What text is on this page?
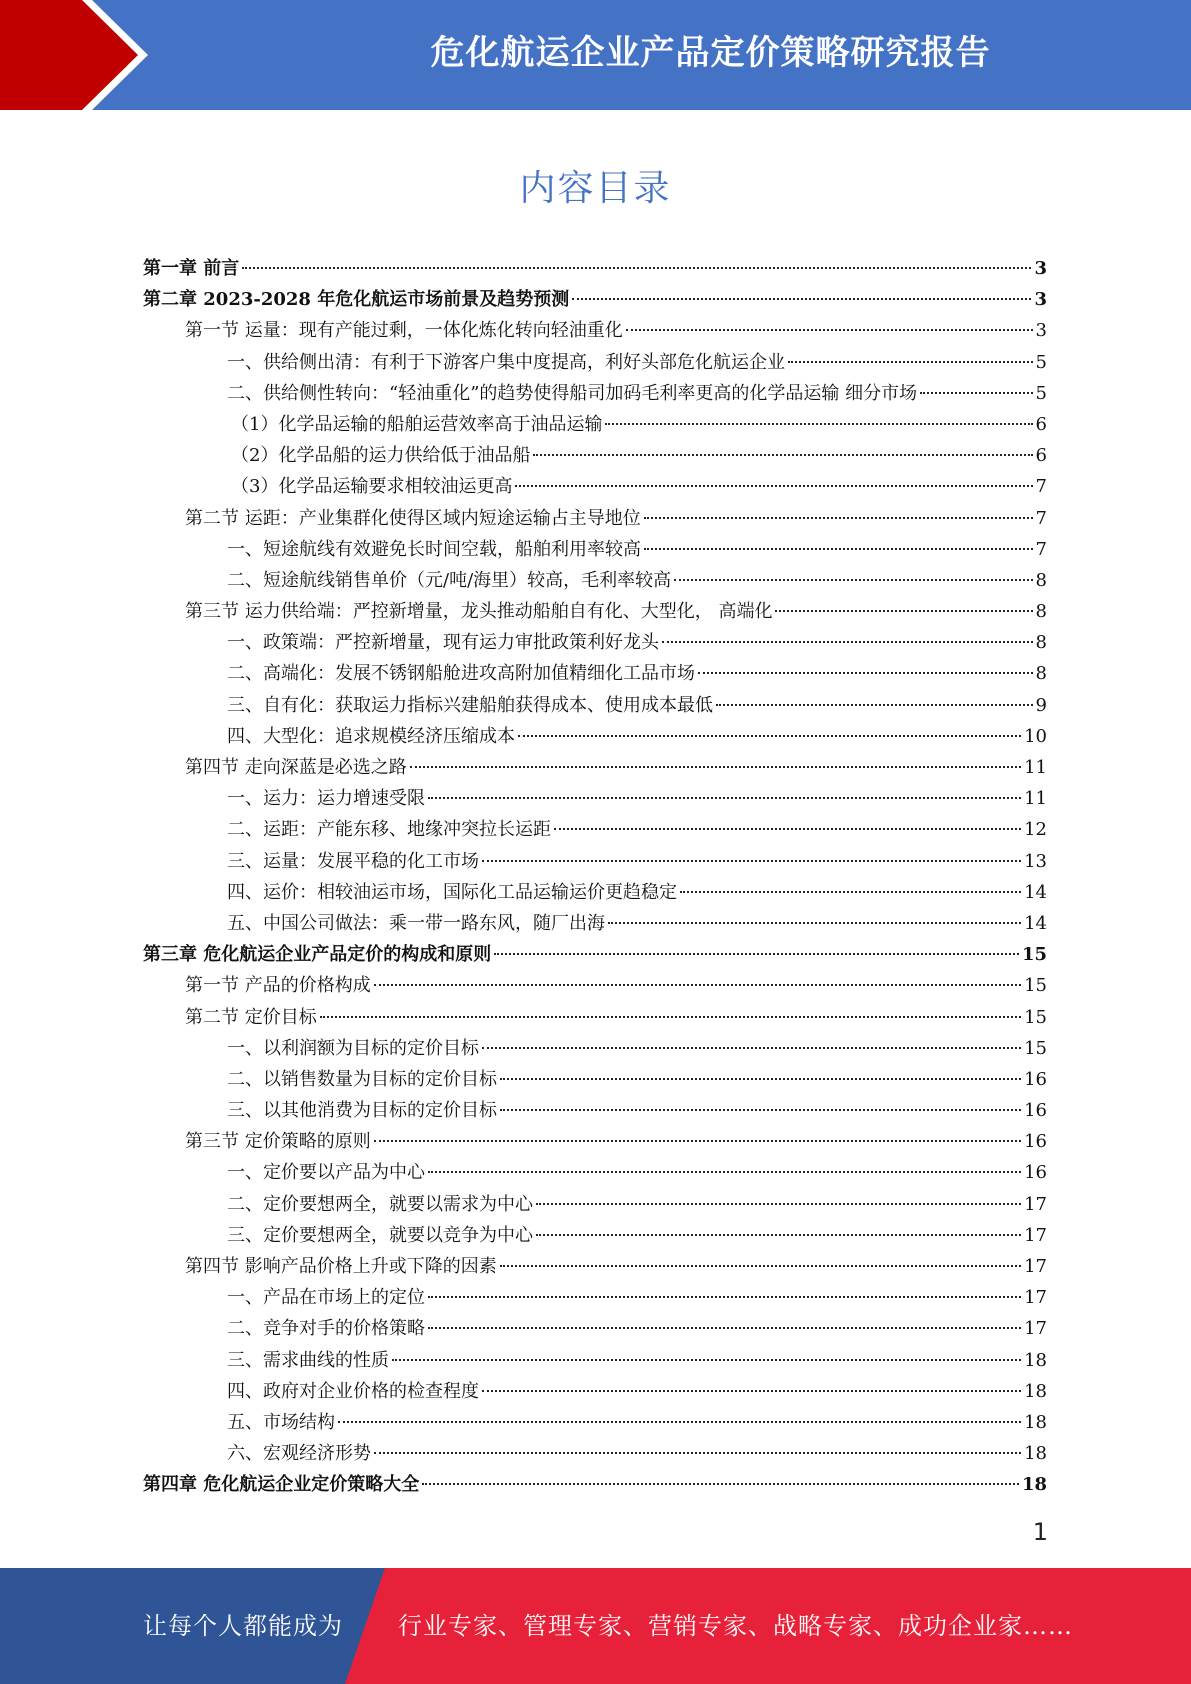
危化航运企业产品定价策略研究报告
内容目录
第一章 前言	3
第二章 2023-2028 年危化航运市场前景及趋势预测	3
第一节 运量：现有产能过剩，一体化炼化转向轻油重化	3
一、供给侧出清：有利于下游客户集中度提高，利好头部危化航运企业	5
二、供给侧性转向：“轻油重化”的趋势使得船司加码毛利率更高的化学品运输 细分市场	5
（1）化学品运输的船舶运营效率高于油品运输	6
（2）化学品船的运力供给低于油品船	6
（3）化学品运输要求相较油运更高	7
第二节 运距：产业集群化使得区域内短途运输占主导地位	7
一、短途航线有效避免长时间空载，船舶利用率较高	7
二、短途航线销售单价（元/吨/海里）较高，毛利率较高	8
第三节 运力供给端：严控新增量，龙头推动船舶自有化、大型化， 高端化	8
一、政策端：严控新增量，现有运力审批政策利好龙头	8
二、高端化：发展不锈钢船舱进攻高附加值精细化工品市场	8
三、自有化：获取运力指标兴建船舶获得成本、使用成本最低	9
四、大型化：追求规模经济压缩成本	10
第四节 走向深蓝是必选之路	11
一、运力：运力增速受限	11
二、运距：产能东移、地缘冲突拉长运距	12
三、运量：发展平稳的化工市场	13
四、运价：相较油运市场，国际化工品运输运价更趋稳定	14
五、中国公司做法：乘一带一路东风，随厂出海	14
第三章 危化航运企业产品定价的构成和原则	15
第一节 产品的价格构成	15
第二节 定价目标	15
一、以利润额为目标的定价目标	15
二、以销售数量为目标的定价目标	16
三、以其他消费为目标的定价目标	16
第三节 定价策略的原则	16
一、定价要以产品为中心	16
二、定价要想两全，就要以需求为中心	17
三、定价要想两全，就要以竞争为中心	17
第四节 影响产品价格上升或下降的因素	17
一、产品在市场上的定位	17
二、竞争对手的价格策略	17
三、需求曲线的性质	18
四、政府对企业价格的检查程度	18
五、市场结构	18
六、宏观经济形势	18
第四章 危化航运企业定价策略大全	18
1
让每个人都能成为 行业专家、管理专家、营销专家、战略专家、成功企业家……
